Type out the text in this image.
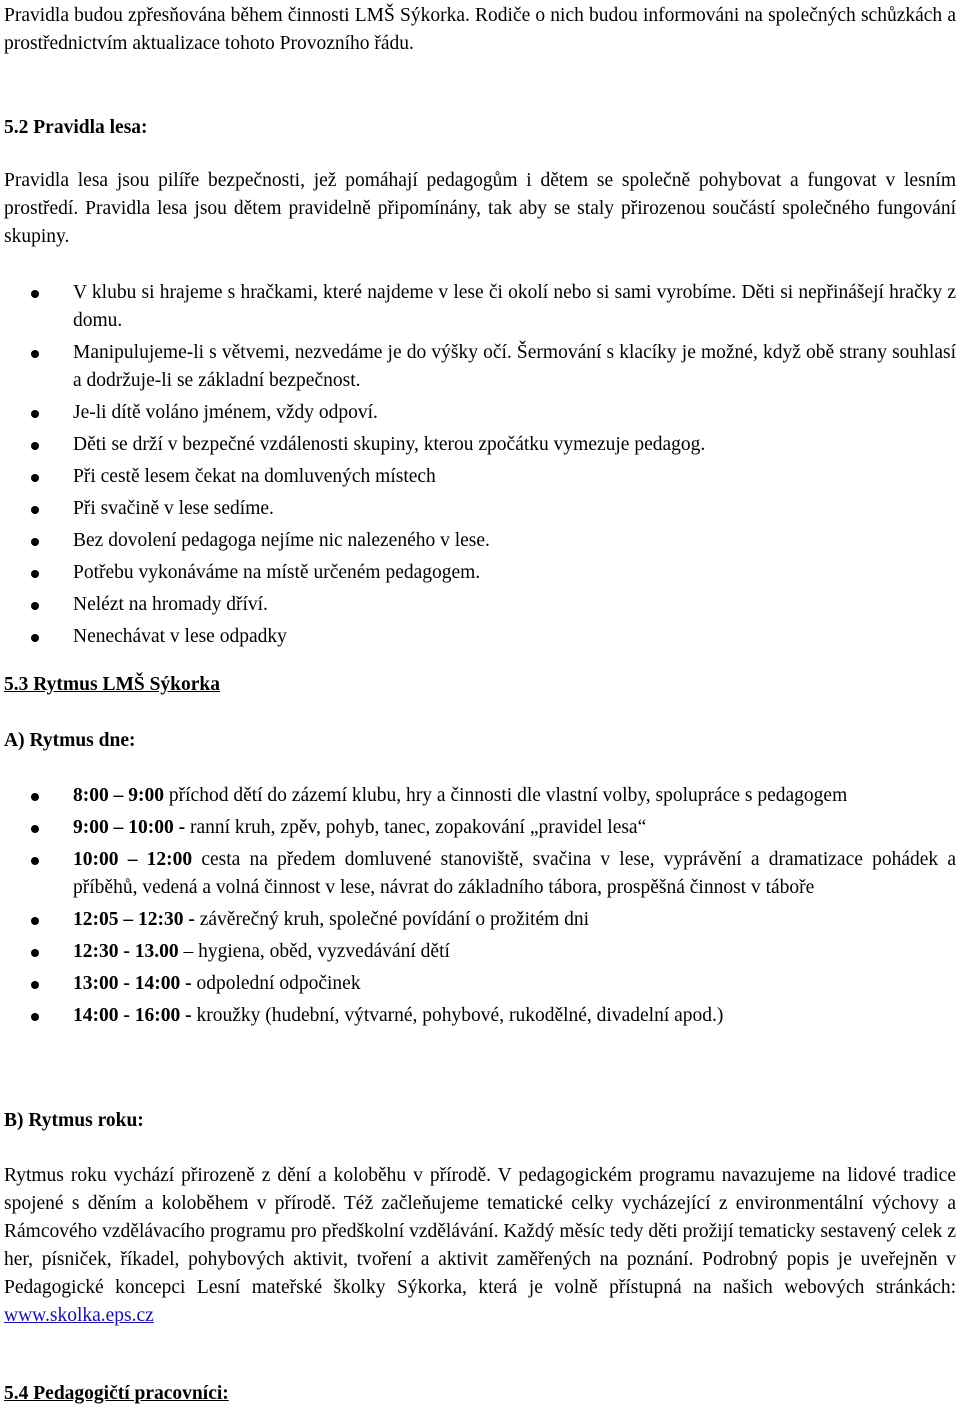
Pravidla budou zpřesňována během činnosti LMŠ Sýkorka. Rodiče o nich budou informováni na společných schůzkách a prostřednictvím aktualizace tohoto Provozního řádu.

5.2 Pravidla lesa:

Pravidla lesa jsou pilíře bezpečnosti, jež pomáhají pedagogům i dětem se společně pohybovat a fungovat v lesním prostředí. Pravidla lesa jsou dětem pravidelně připomínány, tak aby se staly přirozenou součástí společného fungování skupiny.

V klubu si hrajeme s hračkami, které najdeme v lese či okolí nebo si sami vyrobíme. Děti si nepřinášejí hračky z domu.
Manipulujeme-li s větvemi, nezvedáme je do výšky očí. Šermování s klacíky je možné, když obě strany souhlasí a dodržuje-li se základní bezpečnost.
Je-li dítě voláno jménem, vždy odpoví.
Děti se drží v bezpečné vzdálenosti skupiny, kterou zpočátku vymezuje pedagog.
Při cestě lesem čekat na domluvených místech
Při svačině v lese sedíme.
Bez dovolení pedagoga nejíme nic nalezeného v lese.
Potřebu vykonáváme na místě určeném pedagogem.
Nelézt na hromady dříví.
Nenechávat v lese odpadky

5.3 Rytmus LMŠ Sýkorka

A) Rytmus dne:

8:00 – 9:00 příchod dětí do zázemí klubu, hry a činnosti dle vlastní volby, spolupráce s pedagogem
9:00 – 10:00 - ranní kruh, zpěv, pohyb, tanec, zopakování „pravidel lesa“
10:00 – 12:00 cesta na předem domluvené stanoviště, svačina v lese, vyprávění a dramatizace pohádek a příběhů, vedená a volná činnost v lese, návrat do základního tábora, prospěšná činnost v táboře
12:05 – 12:30 - závěrečný kruh, společné povídání o prožitém dni
12:30 - 13.00 – hygiena, oběd, vyzvedávání dětí
13:00 - 14:00 - odpolední odpočinek
14:00 - 16:00 - kroužky (hudební, výtvarné, pohybové, rukodělné, divadelní apod.)

B) Rytmus roku:

Rytmus roku vychází přirozeně z dění a koloběhu v přírodě. V pedagogickém programu navazujeme na lidové tradice spojené s děním a koloběhem v přírodě. Též začleňujeme tematické celky vycházející z environmentální výchovy a Rámcového vzdělávacího programu pro předškolní vzdělávání. Každý měsíc tedy děti prožijí tematicky sestavený celek z her, písniček, říkadel, pohybových aktivit, tvoření a aktivit zaměřených na poznání. Podrobný popis je uveřejněn v Pedagogické koncepci Lesní mateřské školky Sýkorka, která je volně přístupná na našich webových stránkách: www.skolka.eps.cz

5.4 Pedagogičtí pracovníci:
